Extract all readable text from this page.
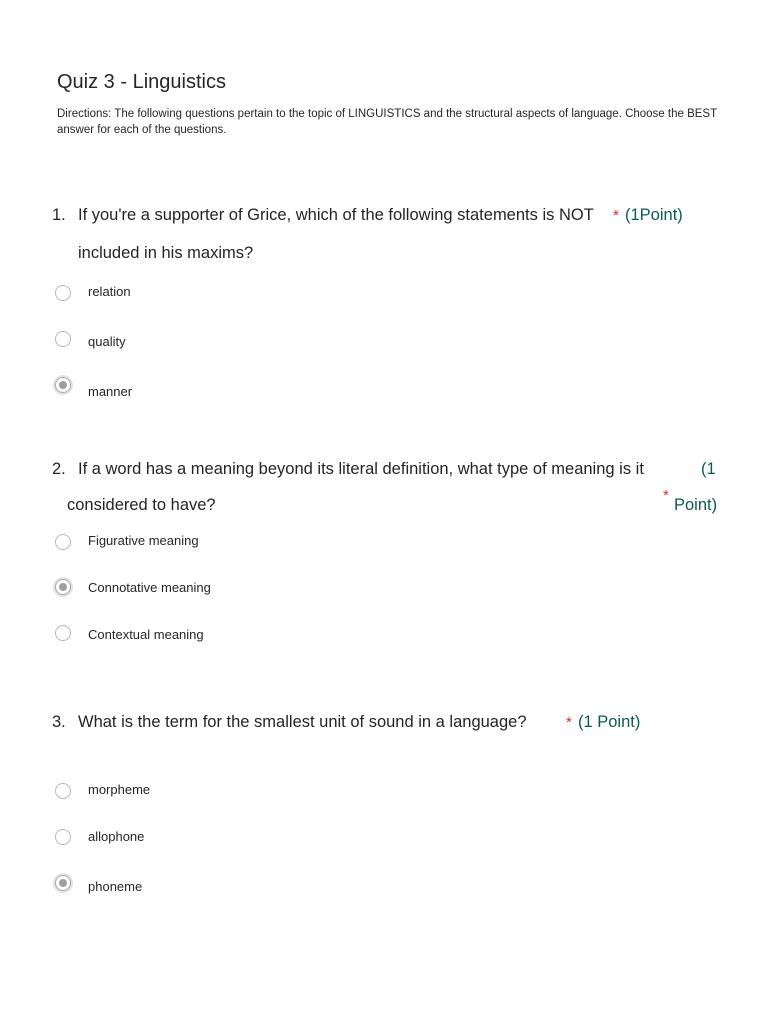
Quiz 3 - Linguistics
Directions: The following questions pertain to the topic of LINGUISTICS and the structural aspects of language. Choose the BEST answer for each of the questions.
1. If you're a supporter of Grice, which of the following statements is NOT * (1Point)
included in his maxims?
relation
quality
manner
2. If a word has a meaning beyond its literal definition, what type of meaning is it	(1
considered to have?
*
Point)
Figurative meaning
Connotative meaning
Contextual meaning
3. What is the term for the smallest unit of sound in a language?	* (1 Point)
morpheme
allophone
phoneme
